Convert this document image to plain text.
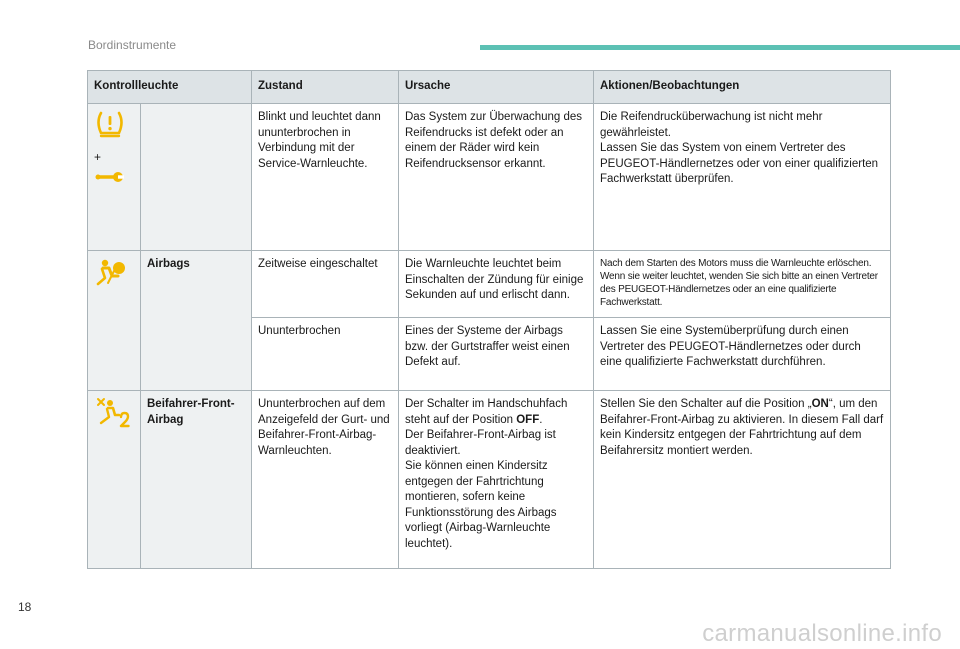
Bordinstrumente
Kontrollleuchte		Zustand	Ursache	Aktionen/Beobachtungen

+		Blinkt und leuchtet dann ununterbrochen in Verbindung mit der Service-Warnleuchte.	Das System zur Überwachung des Reifendrucks ist defekt oder an einem der Räder wird kein Reifendrucksensor erkannt.	Die Reifendrucküberwachung ist nicht mehr gewährleistet.
Lassen Sie das System von einem Vertreter des PEUGEOT-Händlernetzes oder von einer qualifizierten Fachwerkstatt überprüfen.
	Airbags	Zeitweise eingeschaltet	Die Warnleuchte leuchtet beim Einschalten der Zündung für einige Sekunden auf und erlischt dann.	Nach dem Starten des Motors muss die Warnleuchte erlöschen. Wenn sie weiter leuchtet, wenden Sie sich bitte an einen Vertreter des PEUGEOT-Händlernetzes oder an eine qualifizierte Fachwerkstatt.
		Ununterbrochen	Eines der Systeme der Airbags bzw. der Gurtstraffer weist einen Defekt auf.	Lassen Sie eine Systemüberprüfung durch einen Vertreter des PEUGEOT-Händlernetzes oder durch eine qualifizierte Fachwerkstatt durchführen.
	Beifahrer-Front-Airbag	Ununterbrochen auf dem Anzeigefeld der Gurt- und Beifahrer-Front-Airbag-Warnleuchten.	Der Schalter im Handschuhfach steht auf der Position OFF.
Der Beifahrer-Front-Airbag ist deaktiviert.
Sie können einen Kindersitz entgegen der Fahrtrichtung montieren, sofern keine Funktionsstörung des Airbags vorliegt (Airbag-Warnleuchte leuchtet).	Stellen Sie den Schalter auf die Position „ON“, um den Beifahrer-Front-Airbag zu aktivieren. In diesem Fall darf kein Kindersitz entgegen der Fahrtrichtung auf dem Beifahrersitz montiert werden.
18
carmanualsonline.info
